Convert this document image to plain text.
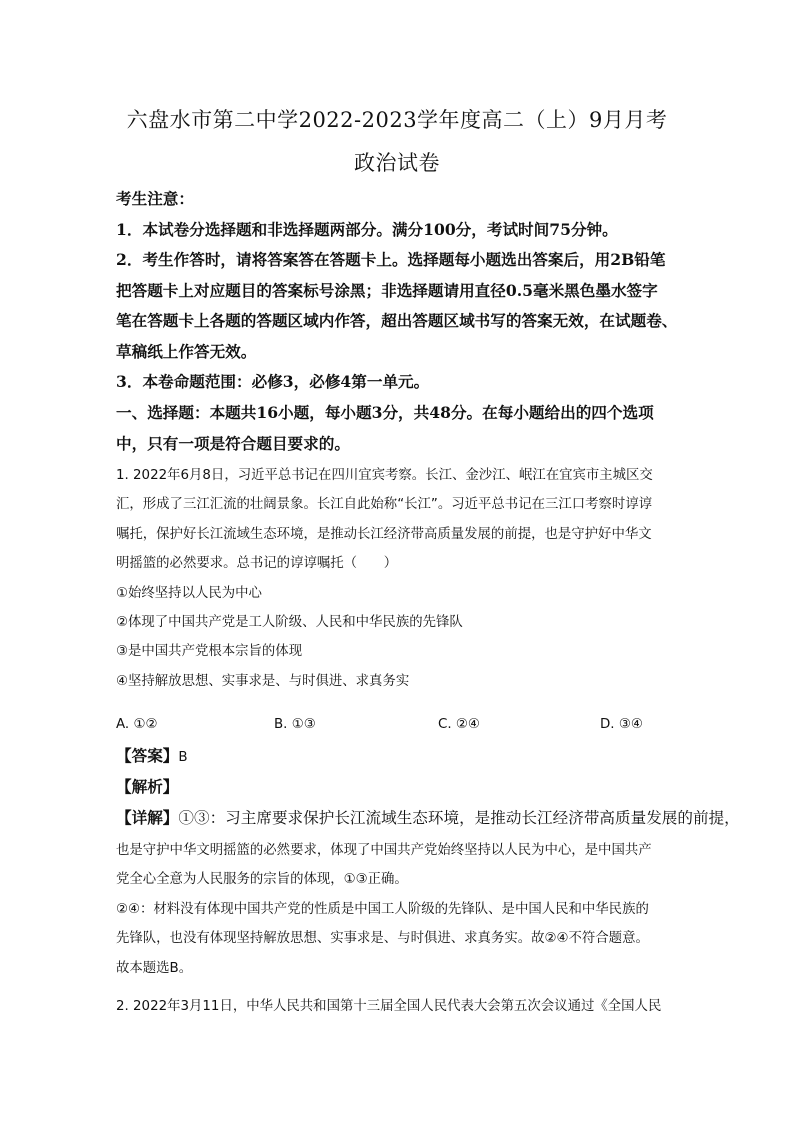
六盘水市第二中学2022-2023学年度高二（上）9月月考
政治试卷
考生注意：
1．本试卷分选择题和非选择题两部分。满分100分，考试时间75分钟。
2．考生作答时，请将答案答在答题卡上。选择题每小题选出答案后，用2B铅笔
把答题卡上对应题目的答案标号涂黑；非选择题请用直径0.5毫米黑色墨水签字
笔在答题卡上各题的答题区域内作答，超出答题区域书写的答案无效，在试题卷、
草稿纸上作答无效。
3．本卷命题范围：必修3，必修4第一单元。
一、选择题：本题共16小题，每小题3分，共48分。在每小题给出的四个选项
中，只有一项是符合题目要求的。
1. 2022年6月8日，习近平总书记在四川宜宾考察。长江、金沙江、岷江在宜宾市主城区交
汇，形成了三江汇流的壮阔景象。长江自此始称“长江”。习近平总书记在三江口考察时谆谆
嘱托，保护好长江流域生态环境，是推动长江经济带高质量发展的前提，也是守护好中华文
明摇篮的必然要求。总书记的谆谆嘱托（　　）
①始终坚持以人民为中心
②体现了中国共产党是工人阶级、人民和中华民族的先锋队
③是中国共产党根本宗旨的体现
④坚持解放思想、实事求是、与时俱进、求真务实
A. ①②	B. ①③	C. ②④	D. ③④
【答案】B
【解析】
【详解】①③：习主席要求保护长江流域生态环境，是推动长江经济带高质量发展的前提，
也是守护中华文明摇篮的必然要求，体现了中国共产党始终坚持以人民为中心，是中国共产
党全心全意为人民服务的宗旨的体现，①③正确。
②④：材料没有体现中国共产党的性质是中国工人阶级的先锋队、是中国人民和中华民族的
先锋队，也没有体现坚持解放思想、实事求是、与时俱进、求真务实。故②④不符合题意。
故本题选B。
2. 2022年3月11日，中华人民共和国第十三届全国人民代表大会第五次会议通过《全国人民
